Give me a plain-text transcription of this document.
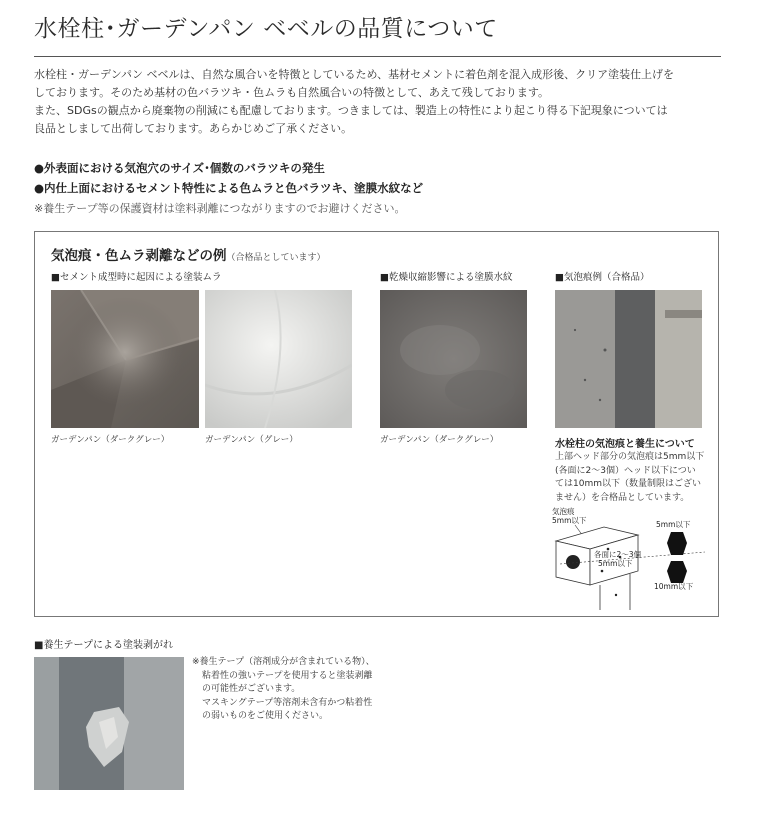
水栓柱･ガーデンパン ベベルの品質について
水栓柱・ガーデンパン ベベルは、自然な風合いを特徴としているため、基材セメントに着色剤を混入成形後、クリア塗装仕上げを
しております。そのため基材の色バラツキ・色ムラも自然風合いの特徴として、あえて残しております。
また、SDGsの観点から廃棄物の削減にも配慮しております。つきましては、製造上の特性により起こり得る下記現象については
良品としまして出荷しております。あらかじめご了承ください。
●外表面における気泡穴のサイズ･個数のバラツキの発生
●内仕上面におけるセメント特性による色ムラと色バラツキ、塗膜水紋など
※養生テープ等の保護資材は塗料剥離につながりますのでお避けください。
気泡痕・色ムラ剥離などの例（合格品としています）
■セメント成型時に起因による塗装ムラ	■乾燥収縮影響による塗膜水紋	■気泡痕例（合格品）
ガーデンパン（ダークグレー）	ガーデンパン（グレー）	ガーデンパン（ダークグレー）	水栓柱の気泡痕と養生について
上部ヘッド部分の気泡痕は5mm以下
(各面に2～3個）ヘッド以下につい
ては10mm以下（数量制限はござい
ません）を合格品としています。
気泡痕
5mm以下
各面に2～3個
5mm以下
5mm以下
10mm以下
■養生テープによる塗装剥がれ
※養生テープ（溶剤成分が含まれている物）、
粘着性の強いテープを使用すると塗装剥離
の可能性がございます。
マスキングテープ等溶剤未含有かつ粘着性
の弱いものをご使用ください。
